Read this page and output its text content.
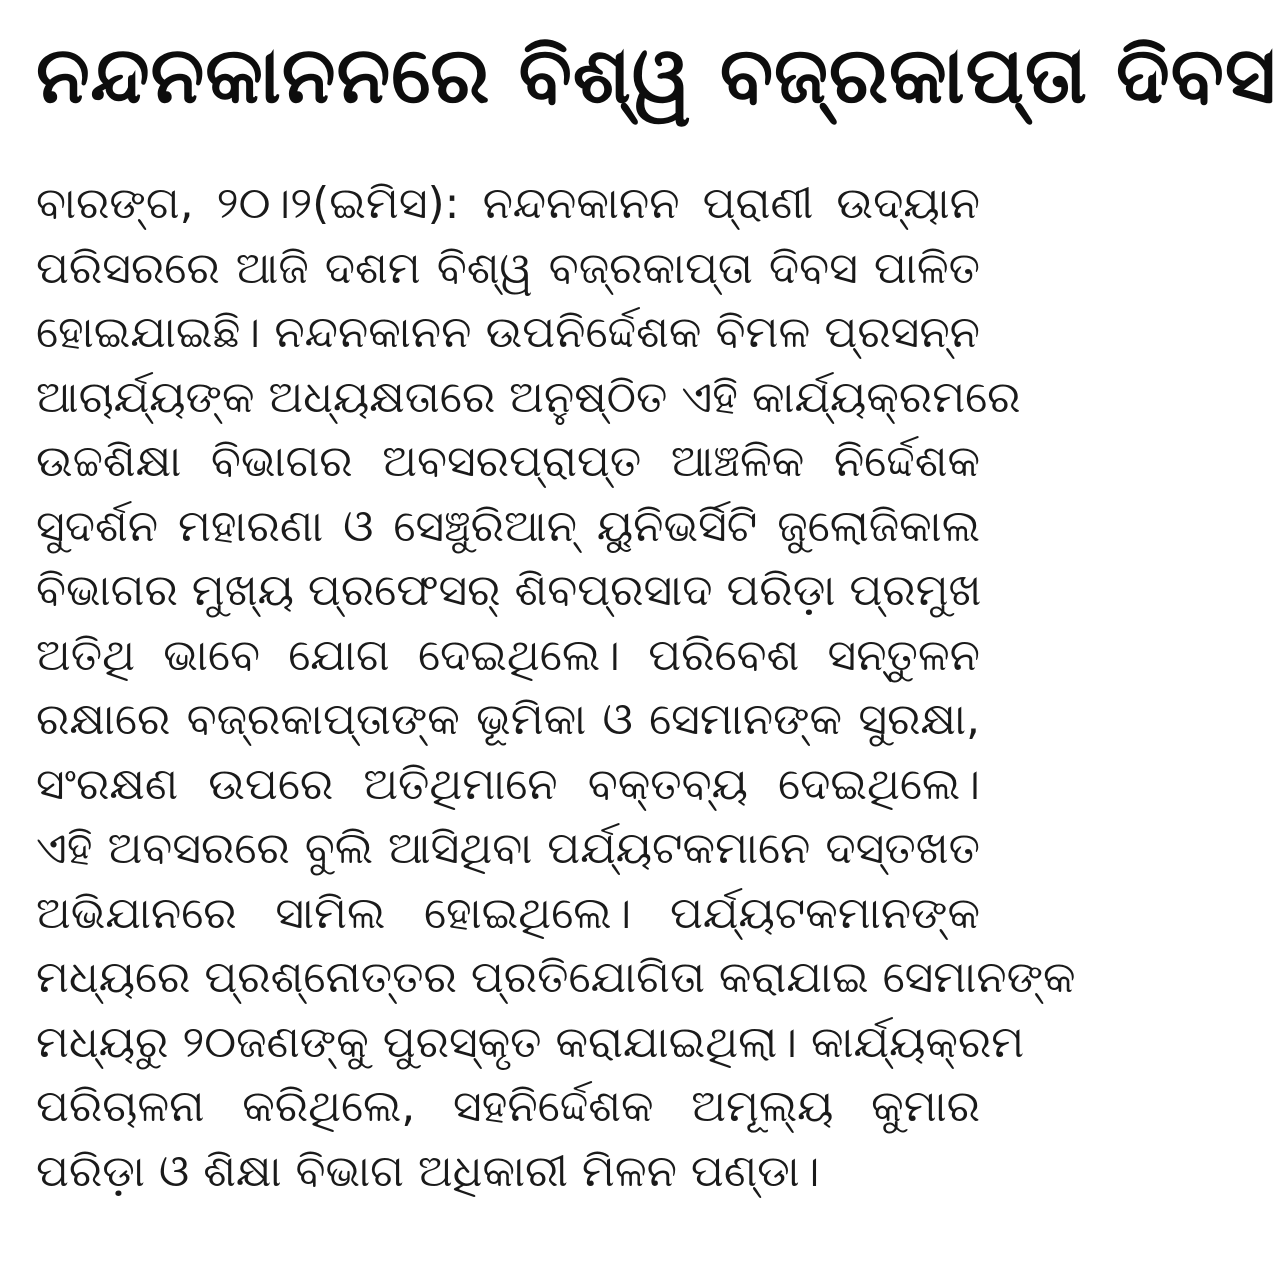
ନନ୍ଦନକାନନରେ ବିଶ୍ୱ ବଜ୍ରକାପ୍ତା ଦିବସ
ବାରଙ୍ଗ, ୨୦।୨(ଇମିସ): ନନ୍ଦନକାନନ ପ୍ରାଣୀ ଉଦ୍ୟାନ
ପରିସରରେ ଆଜି ଦଶମ ବିଶ୍ୱ ବଜ୍ରକାପ୍ତା ଦିବସ ପାଳିତ
ହୋଇଯାଇଛି। ନନ୍ଦନକାନନ ଉପନିର୍ଦ୍ଦେଶକ ବିମଳ ପ୍ରସନ୍ନ
ଆଚାର୍ଯ୍ୟଙ୍କ ଅଧ୍ୟକ୍ଷତାରେ ଅନୁଷ୍ଠିତ ଏହି କାର୍ଯ୍ୟକ୍ରମରେ
ଉଚ୍ଚଶିକ୍ଷା ବିଭାଗର ଅବସରପ୍ରାପ୍ତ ଆଞ୍ଚଳିକ ନିର୍ଦ୍ଦେଶକ
ସୁଦର୍ଶନ ମହାରଣା ଓ ସେଞ୍ଚୁରିଆନ୍ ୟୁନିଭର୍ସିଟି ଜୁଲୋଜିକାଲ
ବିଭାଗର ମୁଖ୍ୟ ପ୍ରଫେସର୍ ଶିବପ୍ରସାଦ ପରିଡ଼ା ପ୍ରମୁଖ
ଅତିଥି ଭାବେ ଯୋଗ ଦେଇଥିଲେ। ପରିବେଶ ସନ୍ତୁଳନ
ରକ୍ଷାରେ ବଜ୍ରକାପ୍ତାଙ୍କ ଭୂମିକା ଓ ସେମାନଙ୍କ ସୁରକ୍ଷା,
ସଂରକ୍ଷଣ ଉପରେ ଅତିଥିମାନେ ବକ୍ତବ୍ୟ ଦେଇଥିଲେ।
ଏହି ଅବସରରେ ବୁଲି ଆସିଥିବା ପର୍ଯ୍ୟଟକମାନେ ଦସ୍ତଖତ
ଅଭିଯାନରେ ସାମିଲ ହୋଇଥିଲେ। ପର୍ଯ୍ୟଟକମାନଙ୍କ
ମଧ୍ୟରେ ପ୍ରଶ୍ନୋତ୍ତର ପ୍ରତିଯୋଗିତା କରାଯାଇ ସେମାନଙ୍କ
ମଧ୍ୟରୁ ୨୦ଜଣଙ୍କୁ ପୁରସ୍କୃତ କରାଯାଇଥିଲା। କାର୍ଯ୍ୟକ୍ରମ
ପରିଚାଳନା କରିଥିଲେ, ସହନିର୍ଦ୍ଦେଶକ ଅମୂଲ୍ୟ କୁମାର
ପରିଡ଼ା ଓ ଶିକ୍ଷା ବିଭାଗ ଅଧିକାରୀ ମିଳନ ପଣ୍ଡା।
